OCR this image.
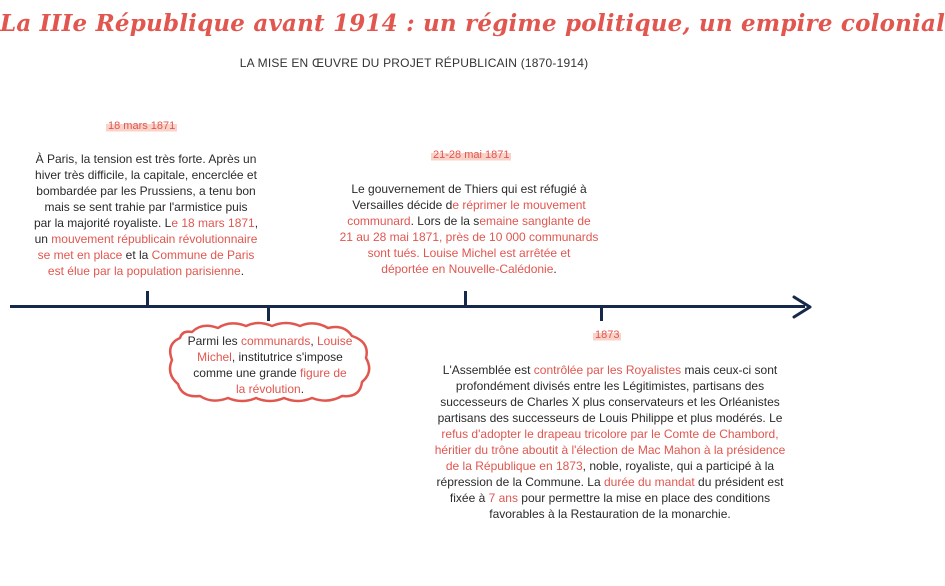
La IIIe République avant 1914 : un régime politique, un empire colonial
LA MISE EN ŒUVRE DU PROJET RÉPUBLICAIN (1870-1914)
18 mars 1871
À Paris, la tension est très forte. Après un
hiver très difficile, la capitale, encerclée et
bombardée par les Prussiens, a tenu bon
mais se sent trahie par l'armistice puis
par la majorité royaliste. Le 18 mars 1871,
un mouvement républicain révolutionnaire
se met en place et la Commune de Paris
est élue par la population parisienne.
21-28 mai 1871
Le gouvernement de Thiers qui est réfugié à
Versailles décide de réprimer le mouvement
communard. Lors de la semaine sanglante de
21 au 28 mai 1871, près de 10 000 communards
sont tués. Louise Michel est arrêtée et
déportée en Nouvelle-Calédonie.
Parmi les communards, Louise
Michel, institutrice s'impose
comme une grande figure de
la révolution.
1873
L'Assemblée est contrôlée par les Royalistes mais ceux-ci sont
profondément divisés entre les Légitimistes, partisans des
successeurs de Charles X plus conservateurs et les Orléanistes
partisans des successeurs de Louis Philippe et plus modérés. Le
refus d'adopter le drapeau tricolore par le Comte de Chambord,
héritier du trône aboutit à l'élection de Mac Mahon à la présidence
de la République en 1873, noble, royaliste, qui a participé à la
répression de la Commune. La durée du mandat du président est
fixée à 7 ans pour permettre la mise en place des conditions
favorables à la Restauration de la monarchie.
